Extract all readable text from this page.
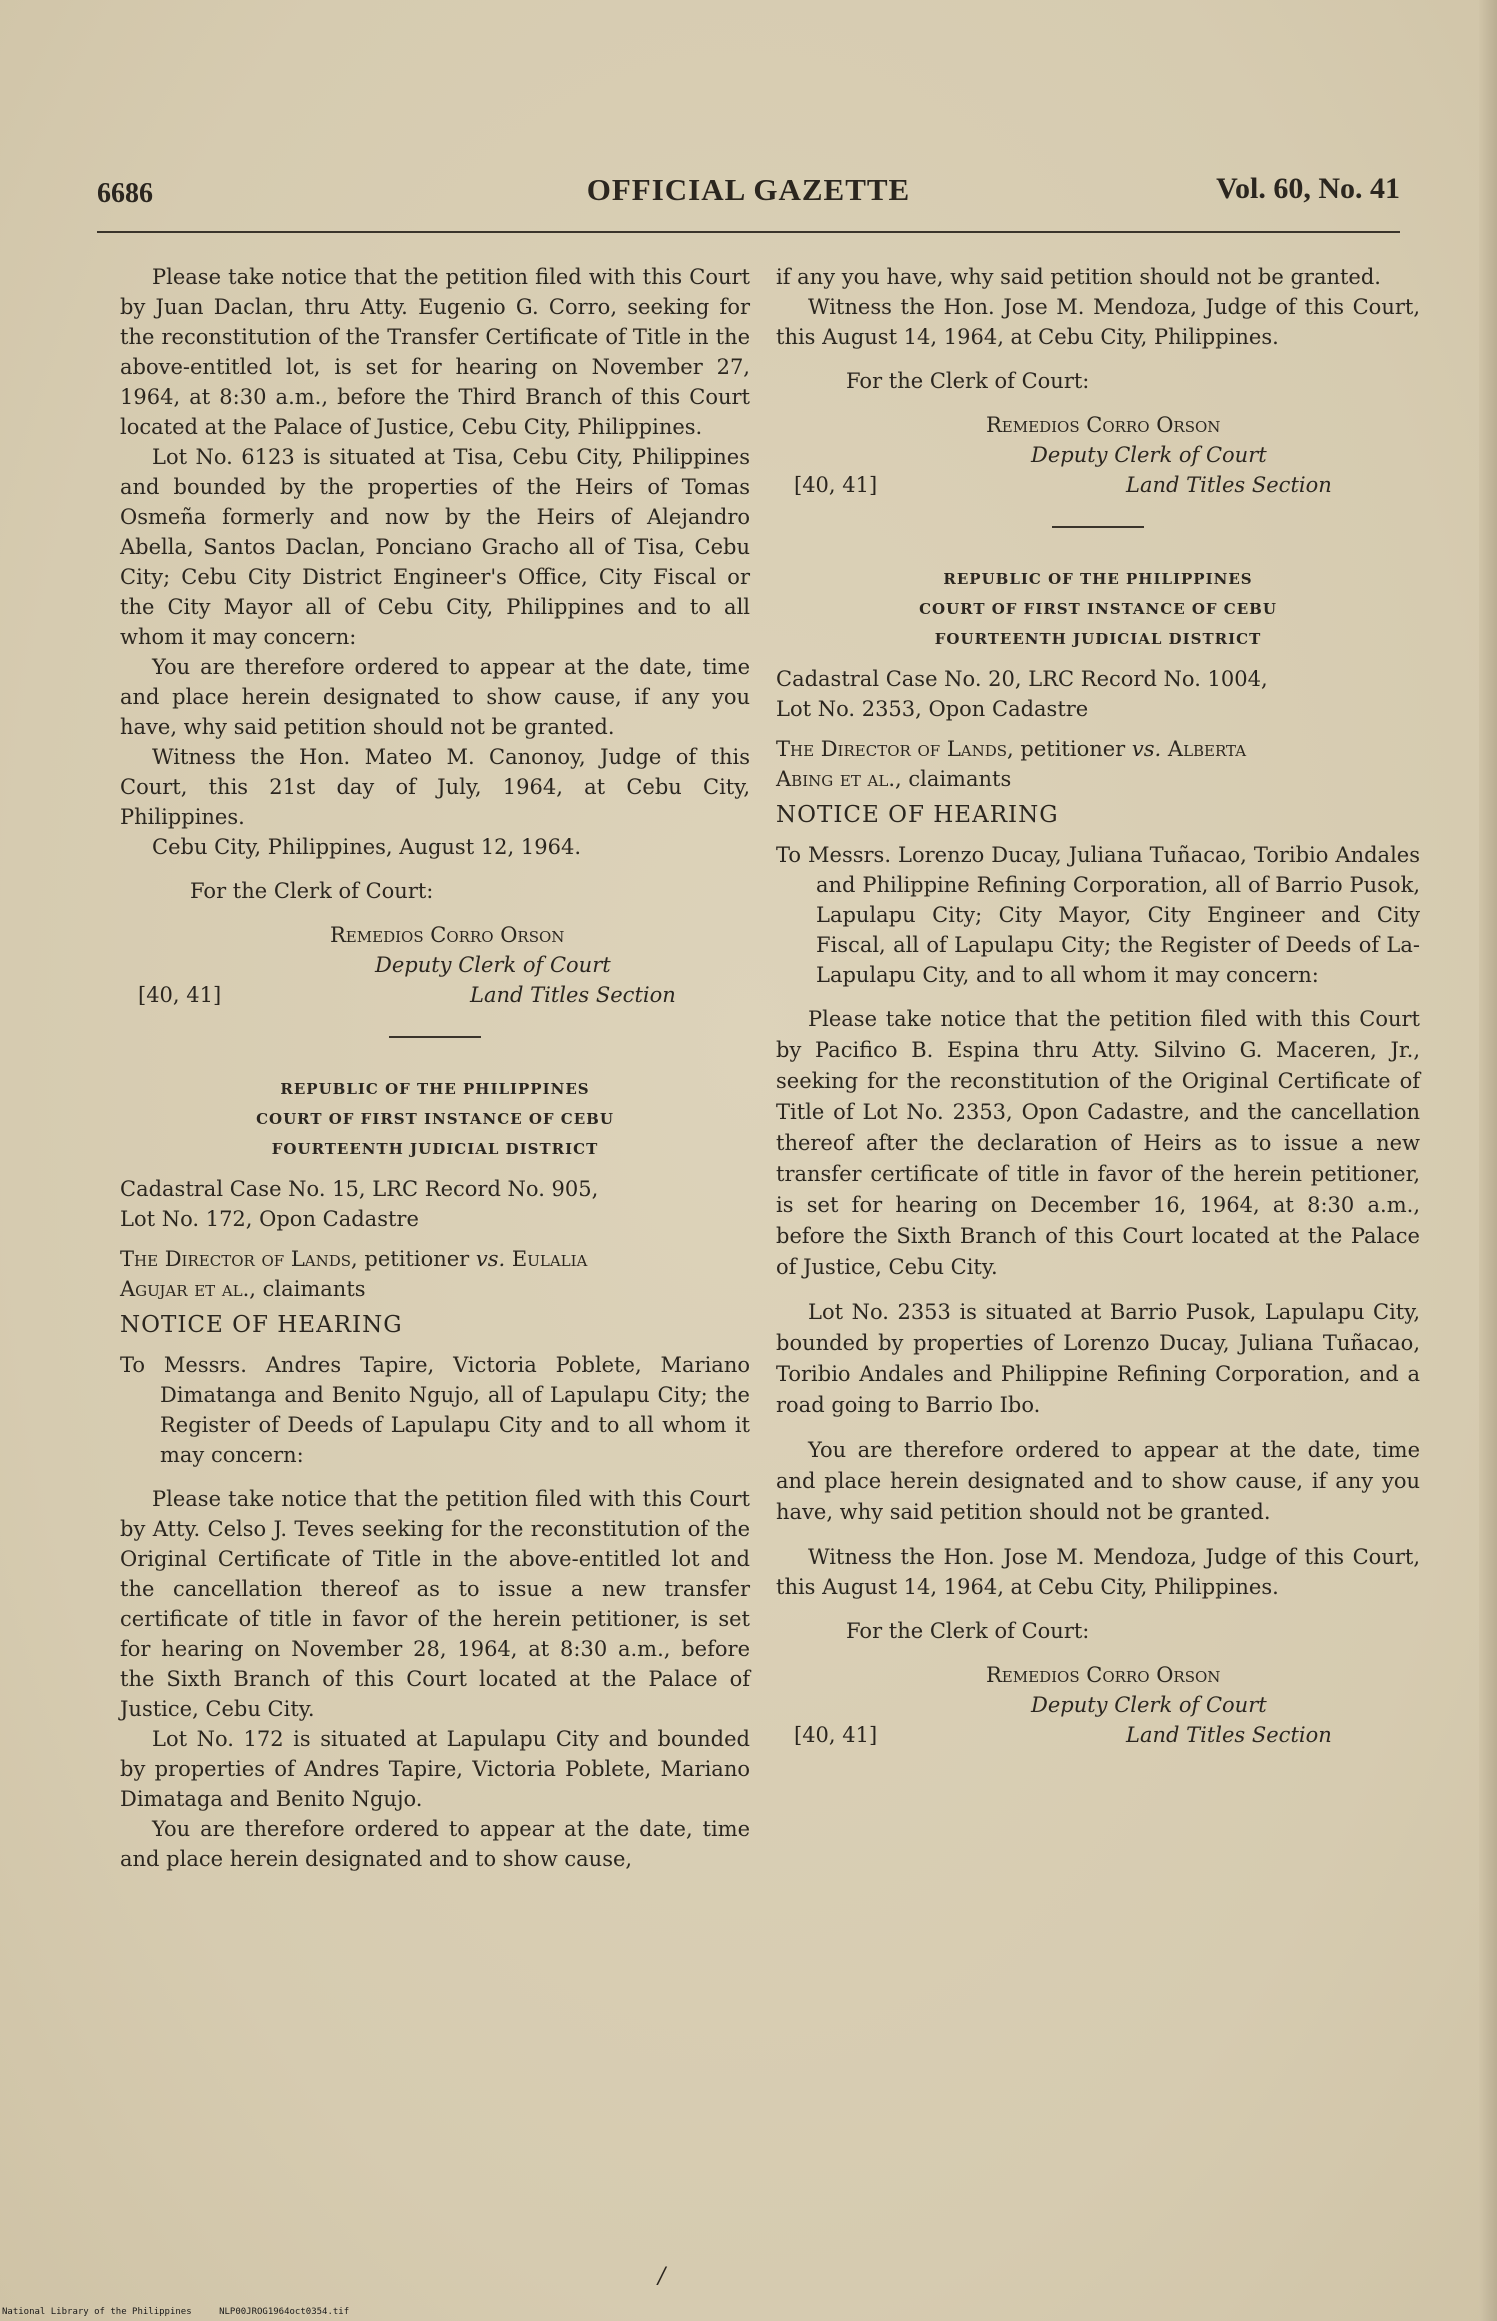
6686	OFFICIAL GAZETTE	Vol. 60, No. 41

Please take notice that the petition filed with this Court by Juan Daclan, thru Atty. Eugenio G. Corro, seeking for the reconstitution of the Transfer Certificate of Title in the above-entitled lot, is set for hearing on November 27, 1964, at 8:30 a.m., before the Third Branch of this Court located at the Palace of Justice, Cebu City, Philippines.

Lot No. 6123 is situated at Tisa, Cebu City, Philippines and bounded by the properties of the Heirs of Tomas Osmeña formerly and now by the Heirs of Alejandro Abella, Santos Daclan, Ponciano Gracho all of Tisa, Cebu City; Cebu City District Engineer's Office, City Fiscal or the City Mayor all of Cebu City, Philippines and to all whom it may concern:

You are therefore ordered to appear at the date, time and place herein designated to show cause, if any you have, why said petition should not be granted.

Witness the Hon. Mateo M. Canonoy, Judge of this Court, this 21st day of July, 1964, at Cebu City, Philippines.

Cebu City, Philippines, August 12, 1964.

For the Clerk of Court:

Remedios Corro Orson
Deputy Clerk of Court
[40, 41]	Land Titles Section
REPUBLIC OF THE PHILIPPINES
COURT OF FIRST INSTANCE OF CEBU
FOURTEENTH JUDICIAL DISTRICT

Cadastral Case No. 15, LRC Record No. 905,
Lot No. 172, Opon Cadastre

The Director of Lands, petitioner vs. Eulalia
Agujar et al., claimants

NOTICE OF HEARING

To Messrs. Andres Tapire, Victoria Poblete, Mariano Dimatanga and Benito Ngujo, all of Lapulapu City; the Register of Deeds of Lapulapu City and to all whom it may concern:

Please take notice that the petition filed with this Court by Atty. Celso J. Teves seeking for the reconstitution of the Original Certificate of Title in the above-entitled lot and the cancellation thereof as to issue a new transfer certificate of title in favor of the herein petitioner, is set for hearing on November 28, 1964, at 8:30 a.m., before the Sixth Branch of this Court located at the Palace of Justice, Cebu City.

Lot No. 172 is situated at Lapulapu City and bounded by properties of Andres Tapire, Victoria Poblete, Mariano Dimataga and Benito Ngujo.

You are therefore ordered to appear at the date, time and place herein designated and to show cause,

if any you have, why said petition should not be granted.

Witness the Hon. Jose M. Mendoza, Judge of this Court, this August 14, 1964, at Cebu City, Philippines.

For the Clerk of Court:

Remedios Corro Orson
Deputy Clerk of Court
[40, 41]	Land Titles Section
REPUBLIC OF THE PHILIPPINES
COURT OF FIRST INSTANCE OF CEBU
FOURTEENTH JUDICIAL DISTRICT

Cadastral Case No. 20, LRC Record No. 1004,
Lot No. 2353, Opon Cadastre

The Director of Lands, petitioner vs. Alberta
Abing et al., claimants

NOTICE OF HEARING

To Messrs. Lorenzo Ducay, Juliana Tuñacao, Toribio Andales and Philippine Refining Corporation, all of Barrio Pusok, Lapulapu City; City Mayor, City Engineer and City Fiscal, all of Lapulapu City; the Register of Deeds of La-Lapulapu City, and to all whom it may concern:

Please take notice that the petition filed with this Court by Pacifico B. Espina thru Atty. Silvino G. Maceren, Jr., seeking for the reconstitution of the Original Certificate of Title of Lot No. 2353, Opon Cadastre, and the cancellation thereof after the declaration of Heirs as to issue a new transfer certificate of title in favor of the herein petitioner, is set for hearing on December 16, 1964, at 8:30 a.m., before the Sixth Branch of this Court located at the Palace of Justice, Cebu City.

Lot No. 2353 is situated at Barrio Pusok, Lapulapu City, bounded by properties of Lorenzo Ducay, Juliana Tuñacao, Toribio Andales and Philippine Refining Corporation, and a road going to Barrio Ibo.

You are therefore ordered to appear at the date, time and place herein designated and to show cause, if any you have, why said petition should not be granted.

Witness the Hon. Jose M. Mendoza, Judge of this Court, this August 14, 1964, at Cebu City, Philippines.

For the Clerk of Court:

Remedios Corro Orson
Deputy Clerk of Court
[40, 41]	Land Titles Section
/
National Library of the Philippines	NLP00JROG1964oct0354.tif
